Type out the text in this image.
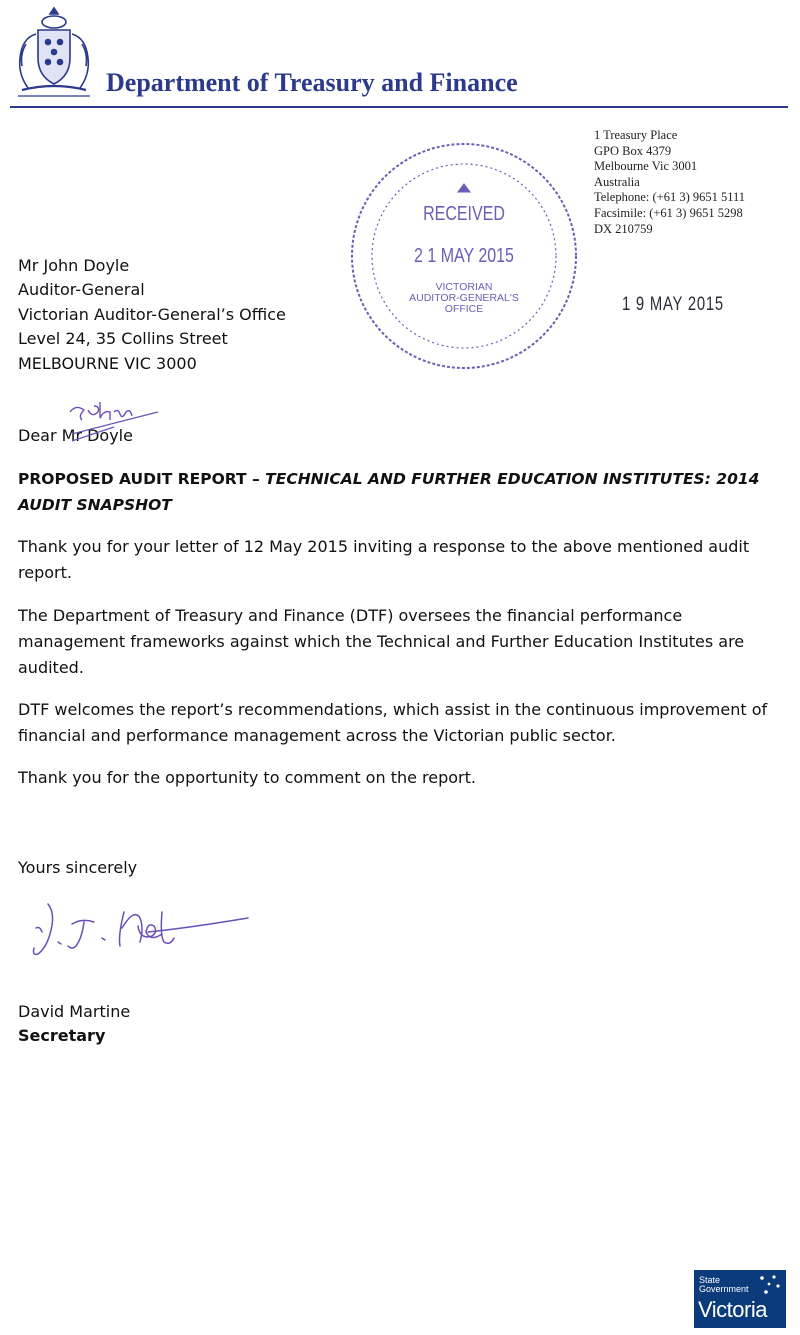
Department of Treasury and Finance
1 Treasury Place
GPO Box 4379
Melbourne Vic 3001
Australia
Telephone: (+61 3) 9651 5111
Facsimile: (+61 3) 9651 5298
DX 210759
RECEIVED
2 1 MAY 2015
VICTORIAN
AUDITOR-GENERAL'S
OFFICE	1 9 MAY 2015
Mr John Doyle
Auditor-General
Victorian Auditor-General’s Office
Level 24, 35 Collins Street
MELBOURNE VIC 3000
Dear Mr Doyle
PROPOSED AUDIT REPORT – TECHNICAL AND FURTHER EDUCATION INSTITUTES: 2014 AUDIT SNAPSHOT
Thank you for your letter of 12 May 2015 inviting a response to the above mentioned audit report.
The Department of Treasury and Finance (DTF) oversees the financial performance management frameworks against which the Technical and Further Education Institutes are audited.
DTF welcomes the report’s recommendations, which assist in the continuous improvement of financial and performance management across the Victorian public sector.
Thank you for the opportunity to comment on the report.
Yours sincerely
David Martine
Secretary
State
Government
Victoria
